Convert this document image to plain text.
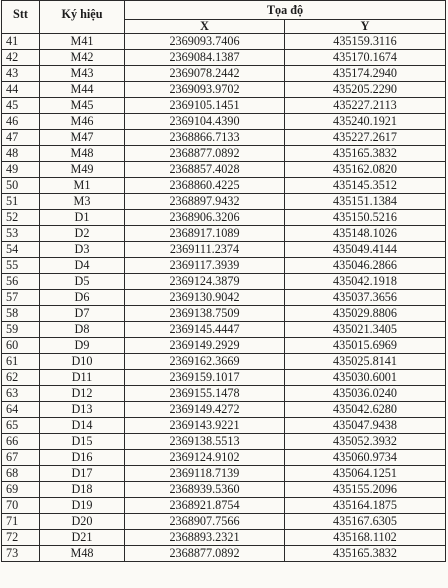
Stt	Ký hiệu	Tọa độ	
		X	Y
41	M41	2369093.7406	435159.3116
42	M42	2369084.1387	435170.1674
43	M43	2369078.2442	435174.2940
44	M44	2369093.9702	435205.2290
45	M45	2369105.1451	435227.2113
46	M46	2369104.4390	435240.1921
47	M47	2368866.7133	435227.2617
48	M48	2368877.0892	435165.3832
49	M49	2368857.4028	435162.0820
50	M1	2368860.4225	435145.3512
51	M3	2368897.9432	435151.1384
52	D1	2368906.3206	435150.5216
53	D2	2368917.1089	435148.1026
54	D3	2369111.2374	435049.4144
55	D4	2369117.3939	435046.2866
56	D5	2369124.3879	435042.1918
57	D6	2369130.9042	435037.3656
58	D7	2369138.7509	435029.8806
59	D8	2369145.4447	435021.3405
60	D9	2369149.2929	435015.6969
61	D10	2369162.3669	435025.8141
62	D11	2369159.1017	435030.6001
63	D12	2369155.1478	435036.0240
64	D13	2369149.4272	435042.6280
65	D14	2369143.9221	435047.9438
66	D15	2369138.5513	435052.3932
67	D16	2369124.9102	435060.9734
68	D17	2369118.7139	435064.1251
69	D18	2368939.5360	435155.2096
70	D19	2368921.8754	435164.1875
71	D20	2368907.7566	435167.6305
72	D21	2368893.2321	435168.1102
73	M48	2368877.0892	435165.3832
